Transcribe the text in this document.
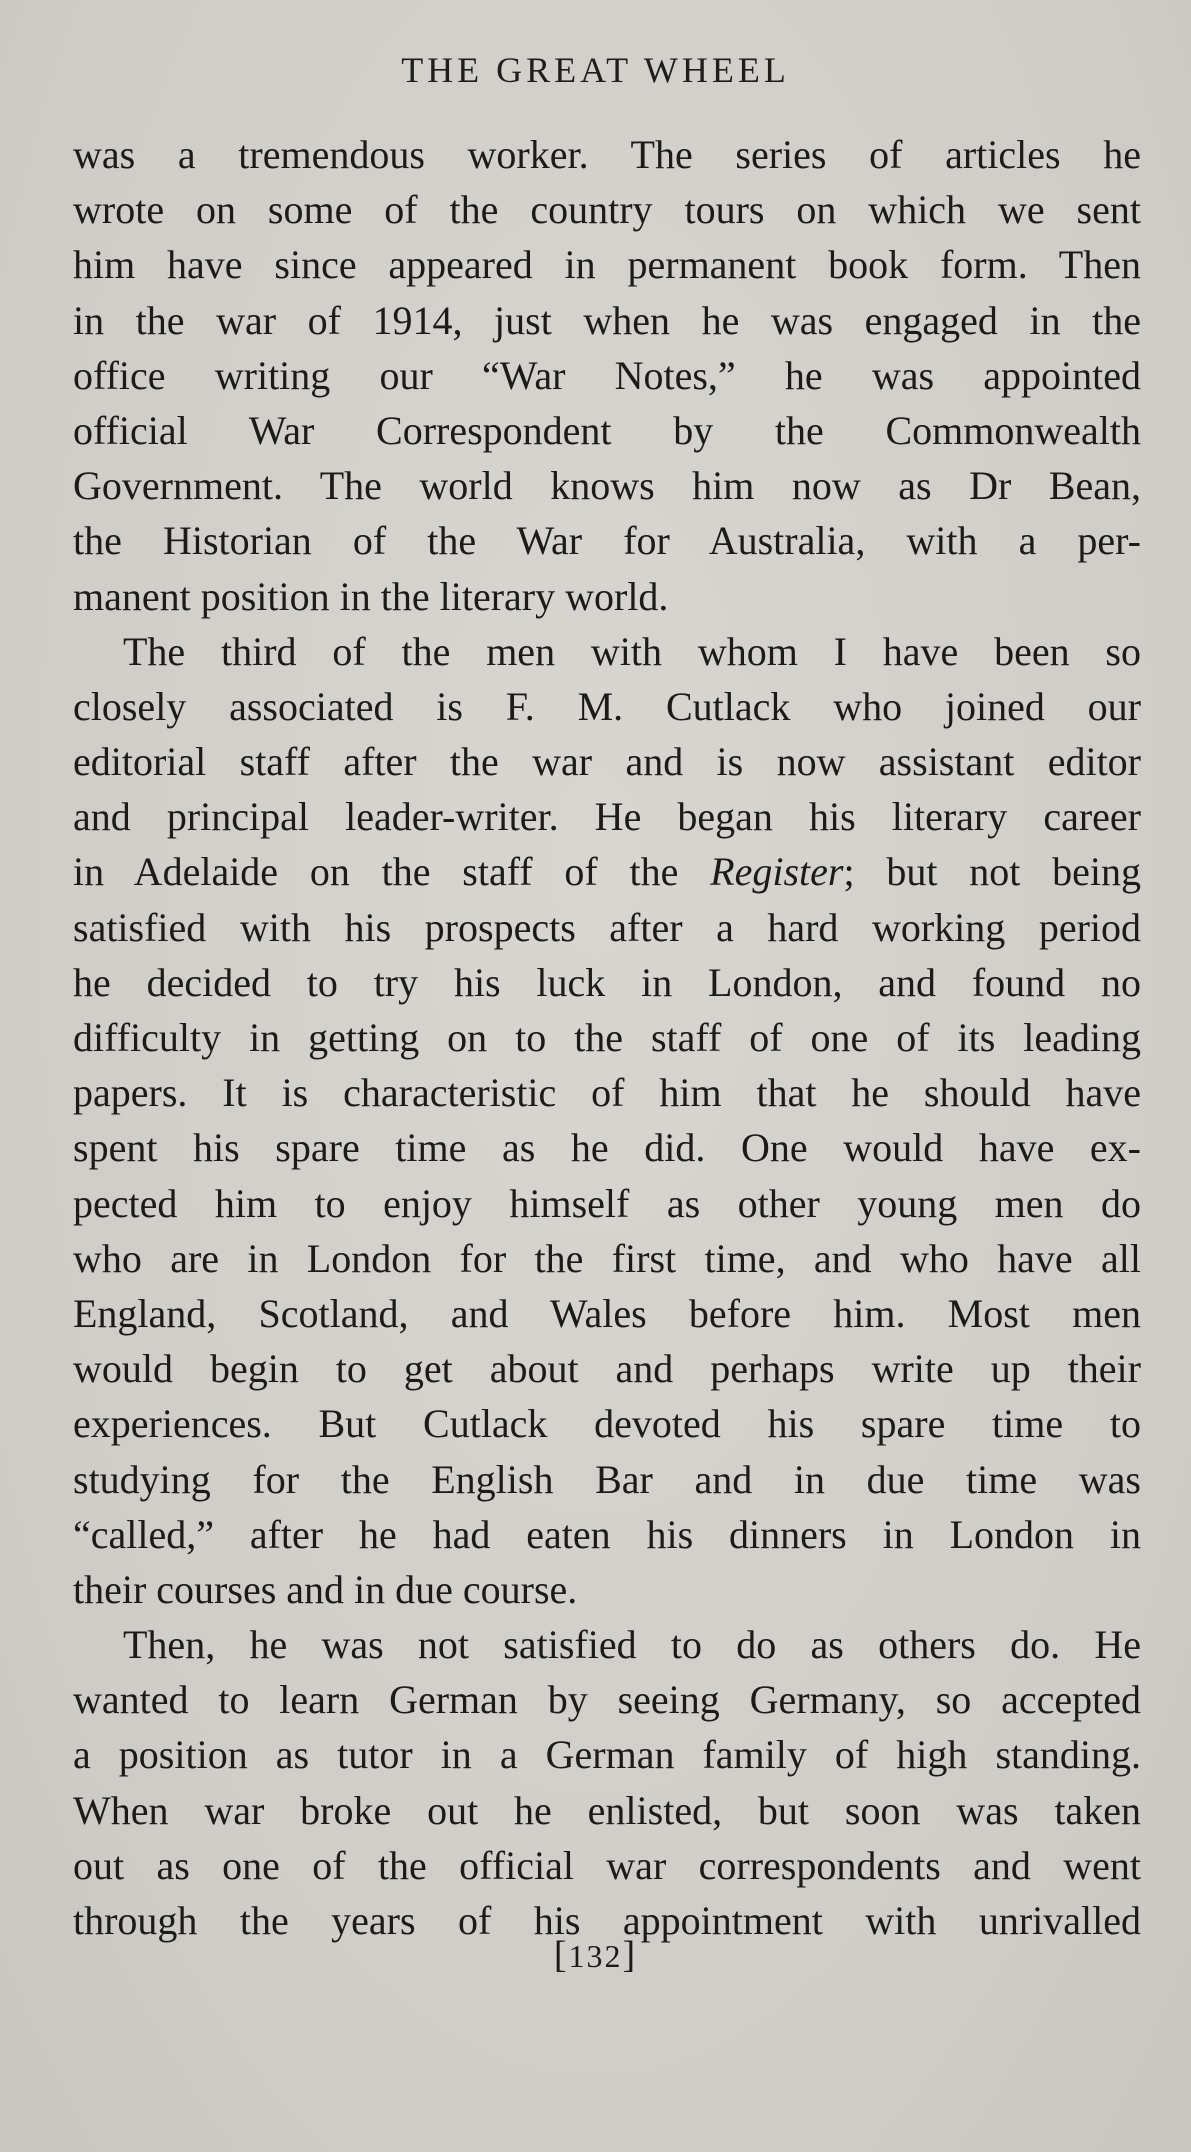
THE GREAT WHEEL
was a tremendous worker. The series of articles he
wrote on some of the country tours on which we sent
him have since appeared in permanent book form. Then
in the war of 1914, just when he was engaged in the
office writing our “War Notes,” he was appointed
official War Correspondent by the Commonwealth
Government. The world knows him now as Dr Bean,
the Historian of the War for Australia, with a per-
manent position in the literary world.
The third of the men with whom I have been so
closely associated is F. M. Cutlack who joined our
editorial staff after the war and is now assistant editor
and principal leader-writer. He began his literary career
in Adelaide on the staff of the Register; but not being
satisfied with his prospects after a hard working period
he decided to try his luck in London, and found no
difficulty in getting on to the staff of one of its leading
papers. It is characteristic of him that he should have
spent his spare time as he did. One would have ex-
pected him to enjoy himself as other young men do
who are in London for the first time, and who have all
England, Scotland, and Wales before him. Most men
would begin to get about and perhaps write up their
experiences. But Cutlack devoted his spare time to
studying for the English Bar and in due time was
“called,” after he had eaten his dinners in London in
their courses and in due course.
Then, he was not satisfied to do as others do. He
wanted to learn German by seeing Germany, so accepted
a position as tutor in a German family of high standing.
When war broke out he enlisted, but soon was taken
out as one of the official war correspondents and went
through the years of his appointment with unrivalled
[132]
